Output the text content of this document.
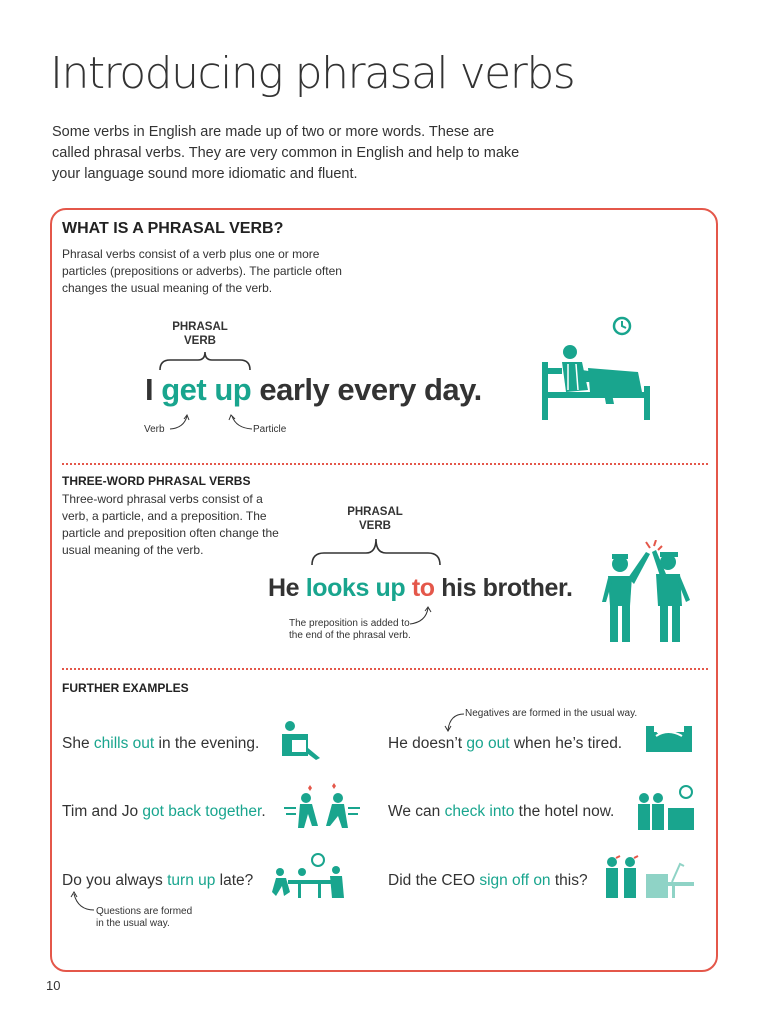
Introducing phrasal verbs
Some verbs in English are made up of two or more words. These are called phrasal verbs. They are very common in English and help to make your language sound more idiomatic and fluent.
WHAT IS A PHRASAL VERB?
Phrasal verbs consist of a verb plus one or more particles (prepositions or adverbs). The particle often changes the usual meaning of the verb.
PHRASAL
VERB
I get up early every day.
Verb	Particle
THREE-WORD PHRASAL VERBS
Three-word phrasal verbs consist of a verb, a particle, and a preposition. The particle and preposition often change the usual meaning of the verb.
PHRASAL
VERB
He looks up to his brother.
The preposition is added to
the end of the phrasal verb.
FURTHER EXAMPLES
She chills out in the evening.
Negatives are formed in the usual way.
He doesn’t go out when he’s tired.
Tim and Jo got back together.	We can check into the hotel now.
Do you always turn up late?
Questions are formed
in the usual way.
Did the CEO sign off on this?
10
